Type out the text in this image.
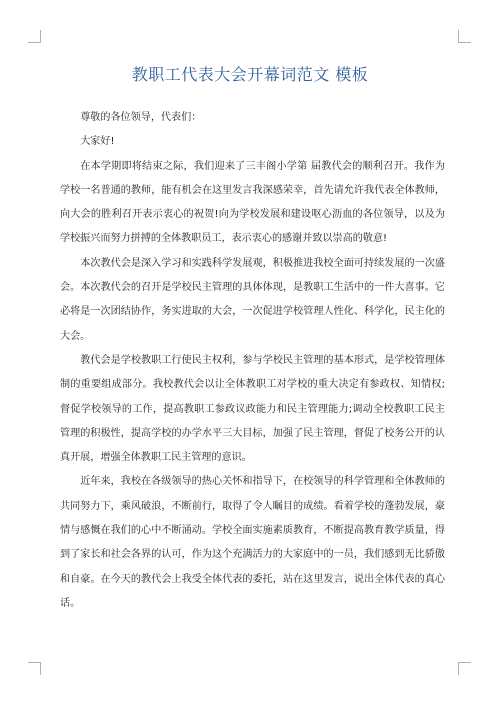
教职工代表大会开幕词范文 模板

尊敬的各位领导，代表们：

大家好!

在本学期即将结束之际，我们迎来了三丰阁小学第 届教代会的顺利召开。我作为学校一名普通的教师，能有机会在这里发言我深感荣幸，首先请允许我代表全体教师，向大会的胜利召开表示衷心的祝贺!向为学校发展和建设呕心沥血的各位领导，以及为学校振兴而努力拼搏的全体教职员工，表示衷心的感谢并致以崇高的敬意!

本次教代会是深入学习和实践科学发展观，积极推进我校全面可持续发展的一次盛会。本次教代会的召开是学校民主管理的具体体现，是教职工生活中的一件大喜事。它必将是一次团结协作，务实进取的大会，一次促进学校管理人性化、科学化，民主化的大会。

教代会是学校教职工行使民主权利，参与学校民主管理的基本形式，是学校管理体制的重要组成部分。我校教代会以让全体教职工对学校的重大决定有参政权、知情权;督促学校领导的工作，提高教职工参政议政能力和民主管理能力;调动全校教职工民主管理的积极性，提高学校的办学水平三大目标，加强了民主管理，督促了校务公开的认真开展，增强全体教职工民主管理的意识。

近年来，我校在各级领导的热心关怀和指导下，在校领导的科学管理和全体教师的共同努力下，乘风破浪，不断前行，取得了令人瞩目的成绩。看着学校的蓬勃发展，豪情与感慨在我们的心中不断涌动。学校全面实施素质教育，不断提高教育教学质量，得到了家长和社会各界的认可，作为这个充满活力的大家庭中的一员，我们感到无比骄傲和自豪。在今天的教代会上我受全体代表的委托，站在这里发言，说出全体代表的真心话。
